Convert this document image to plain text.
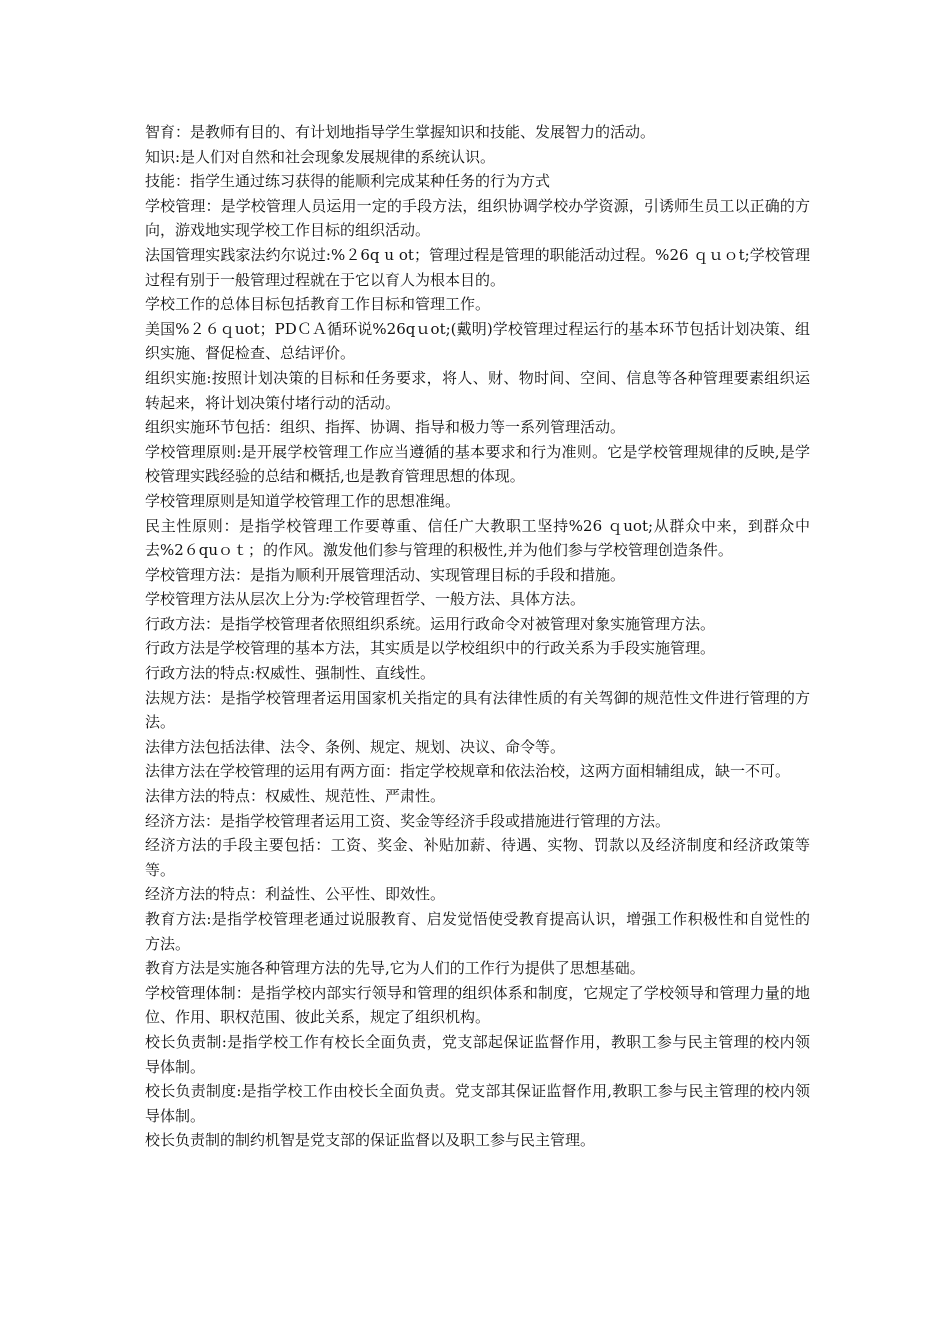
智育：是教师有目的、有计划地指导学生掌握知识和技能、发展智力的活动。

知识:是人们对自然和社会现象发展规律的系统认识。

技能：指学生通过练习获得的能顺利完成某种任务的行为方式

学校管理：是学校管理人员运用一定的手段方法，组织协调学校办学资源，引诱师生员工以正确的方向，游戏地实现学校工作目标的组织活动。

法国管理实践家法约尔说过:%２6q u ot；管理过程是管理的职能活动过程。%26 ｑｕｏt;学校管理过程有别于一般管理过程就在于它以育人为根本目的。

学校工作的总体目标包括教育工作目标和管理工作。

美国%２６ｑuot；PDＣＡ循环说%26qｕot;(戴明)学校管理过程运行的基本环节包括计划决策、组织实施、督促检查、总结评价。

组织实施:按照计划决策的目标和任务要求，将人、财、物时间、空间、信息等各种管理要素组织运转起来，将计划决策付堵行动的活动。

组织实施环节包括：组织、指挥、协调、指导和极力等一系列管理活动。

学校管理原则:是开展学校管理工作应当遵循的基本要求和行为准则。它是学校管理规律的反映,是学校管理实践经验的总结和概括,也是教育管理思想的体现。

学校管理原则是知道学校管理工作的思想准绳。

民主性原则：是指学校管理工作要尊重、信任广大教职工坚持%26 ｑuot;从群众中来，到群众中去%2６quｏｔ；的作风。激发他们参与管理的积极性,并为他们参与学校管理创造条件。

学校管理方法：是指为顺利开展管理活动、实现管理目标的手段和措施。

学校管理方法从层次上分为:学校管理哲学、一般方法、具体方法。

行政方法：是指学校管理者依照组织系统。运用行政命令对被管理对象实施管理方法。

行政方法是学校管理的基本方法，其实质是以学校组织中的行政关系为手段实施管理。

行政方法的特点:权威性、强制性、直线性。

法规方法：是指学校管理者运用国家机关指定的具有法律性质的有关驾御的规范性文件进行管理的方法。

法律方法包括法律、法令、条例、规定、规划、决议、命令等。

法律方法在学校管理的运用有两方面：指定学校规章和依法治校，这两方面相辅组成，缺一不可。

法律方法的特点：权威性、规范性、严肃性。

经济方法：是指学校管理者运用工资、奖金等经济手段或措施进行管理的方法。

经济方法的手段主要包括：工资、奖金、补贴加薪、待遇、实物、罚款以及经济制度和经济政策等等。

经济方法的特点：利益性、公平性、即效性。

教育方法:是指学校管理老通过说服教育、启发觉悟使受教育提高认识，增强工作积极性和自觉性的方法。

教育方法是实施各种管理方法的先导,它为人们的工作行为提供了思想基础。

学校管理体制：是指学校内部实行领导和管理的组织体系和制度，它规定了学校领导和管理力量的地位、作用、职权范围、彼此关系，规定了组织机构。

校长负责制:是指学校工作有校长全面负责，党支部起保证监督作用，教职工参与民主管理的校内领导体制。

校长负责制度:是指学校工作由校长全面负责。党支部其保证监督作用,教职工参与民主管理的校内领导体制。

校长负责制的制约机智是党支部的保证监督以及职工参与民主管理。
